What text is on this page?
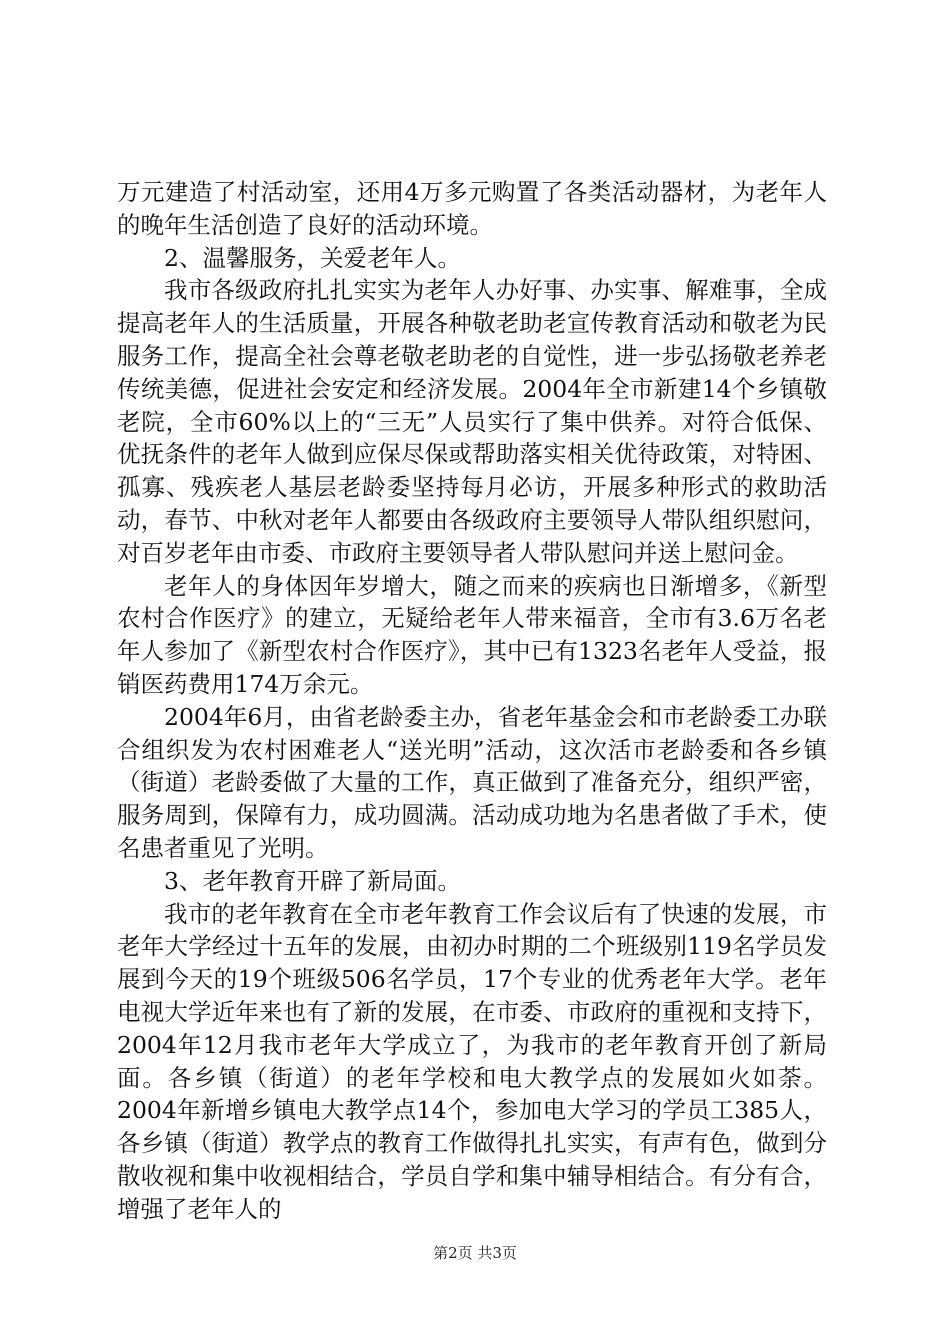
万元建造了村活动室，还用4万多元购置了各类活动器材，为老年人的晚年生活创造了良好的活动环境。

2、温馨服务，关爱老年人。

我市各级政府扎扎实实为老年人办好事、办实事、解难事，全成提高老年人的生活质量，开展各种敬老助老宣传教育活动和敬老为民服务工作，提高全社会尊老敬老助老的自觉性，进一步弘扬敬老养老传统美德，促进社会安定和经济发展。2004年全市新建14个乡镇敬老院，全市60%以上的“三无”人员实行了集中供养。对符合低保、优抚条件的老年人做到应保尽保或帮助落实相关优待政策，对特困、孤寡、残疾老人基层老龄委坚持每月必访，开展多种形式的救助活动，春节、中秋对老年人都要由各级政府主要领导人带队组织慰问，对百岁老年由市委、市政府主要领导者人带队慰问并送上慰问金。

老年人的身体因年岁增大，随之而来的疾病也日渐增多，《新型农村合作医疗》的建立，无疑给老年人带来福音，全市有3.6万名老年人参加了《新型农村合作医疗》，其中已有1323名老年人受益，报销医药费用174万余元。

2004年6月，由省老龄委主办，省老年基金会和市老龄委工办联合组织发为农村困难老人“送光明”活动，这次活市老龄委和各乡镇（街道）老龄委做了大量的工作，真正做到了准备充分，组织严密，服务周到，保障有力，成功圆满。活动成功地为名患者做了手术，使名患者重见了光明。

3、老年教育开辟了新局面。

我市的老年教育在全市老年教育工作会议后有了快速的发展，市老年大学经过十五年的发展，由初办时期的二个班级别119名学员发展到今天的19个班级506名学员，17个专业的优秀老年大学。老年电视大学近年来也有了新的发展，在市委、市政府的重视和支持下，2004年12月我市老年大学成立了，为我市的老年教育开创了新局面。各乡镇（街道）的老年学校和电大教学点的发展如火如荼。2004年新增乡镇电大教学点14个，参加电大学习的学员工385人，各乡镇（街道）教学点的教育工作做得扎扎实实，有声有色，做到分散收视和集中收视相结合，学员自学和集中辅导相结合。有分有合，增强了老年人的

第2页 共3页
